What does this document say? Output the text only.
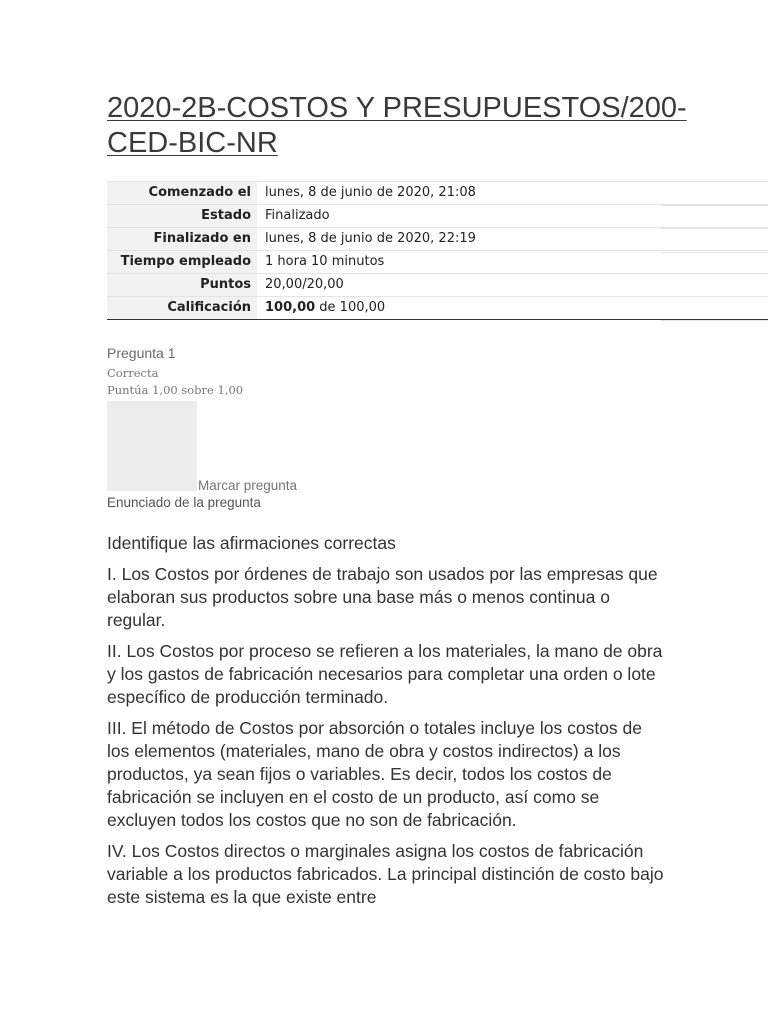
2020-2B-COSTOS Y PRESUPUESTOS/200-CED-BIC-NR
Comenzado el	lunes, 8 de junio de 2020, 21:08
Estado	Finalizado
Finalizado en	lunes, 8 de junio de 2020, 22:19
Tiempo empleado	1 hora 10 minutos
Puntos	20,00/20,00
Calificación	100,00 de 100,00
Pregunta 1
Correcta
Puntúa 1,00 sobre 1,00
Marcar pregunta
Enunciado de la pregunta

Identifique las afirmaciones correctas

I. Los Costos por órdenes de trabajo son usados por las empresas que elaboran sus productos sobre una base más o menos continua o regular.

II. Los Costos por proceso se refieren a los materiales, la mano de obra y los gastos de fabricación necesarios para completar una orden o lote específico de producción terminado.

III. El método de Costos por absorción o totales incluye los costos de los elementos (materiales, mano de obra y costos indirectos) a los productos, ya sean fijos o variables. Es decir, todos los costos de fabricación se incluyen en el costo de un producto, así como se excluyen todos los costos que no son de fabricación.

IV. Los Costos directos o marginales asigna los costos de fabricación variable a los productos fabricados. La principal distinción de costo bajo este sistema es la que existe entre
